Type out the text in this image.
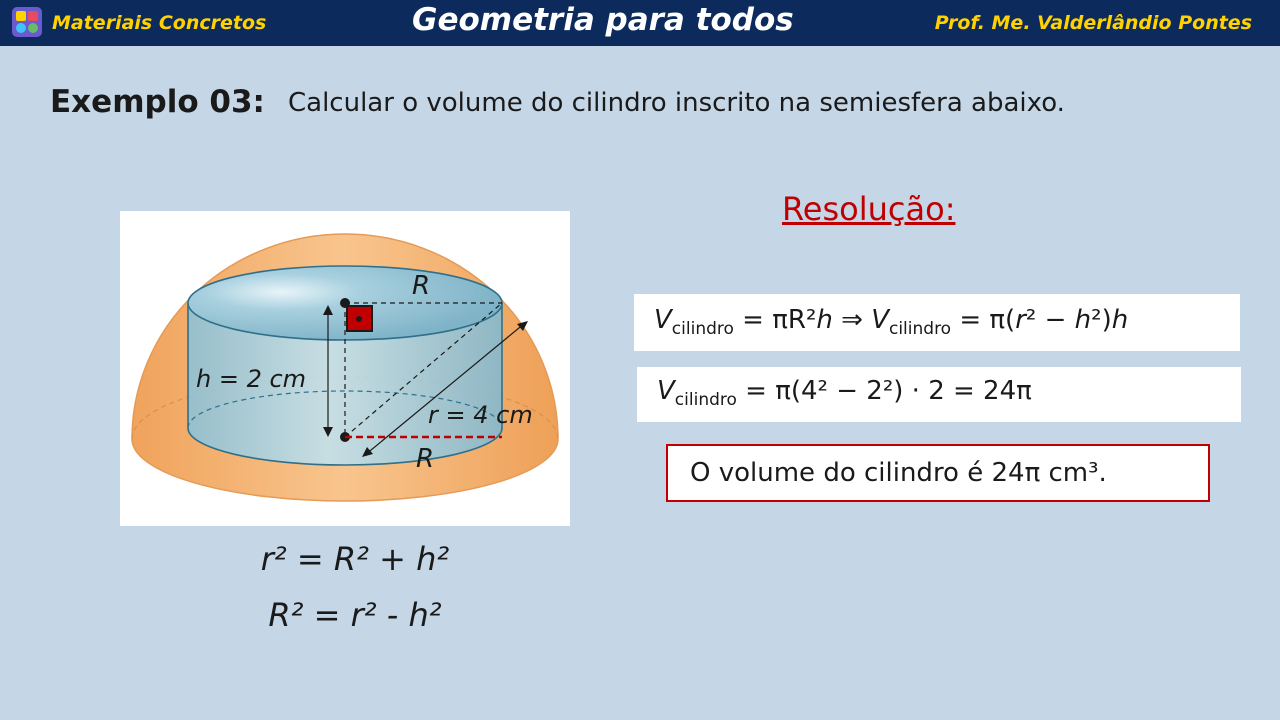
Materiais Concretos	Geometria para todos	Prof. Me. Valderlândio Pontes
Exemplo 03: Calcular o volume do cilindro inscrito na semiesfera abaixo.
R
h = 2 cm
r = 4 cm
R
r² = R² + h²
R² = r² - h²
Resolução:
$V_{cilindro} = \pi R^2h$ ⇒ $V_{cilindro} = \pi(r^2 - h^2)h$
$V_{cilindro} = \pi(4^2 - 2^2) \cdot 2 = 24\pi$
O volume do cilindro é 24π cm³.
